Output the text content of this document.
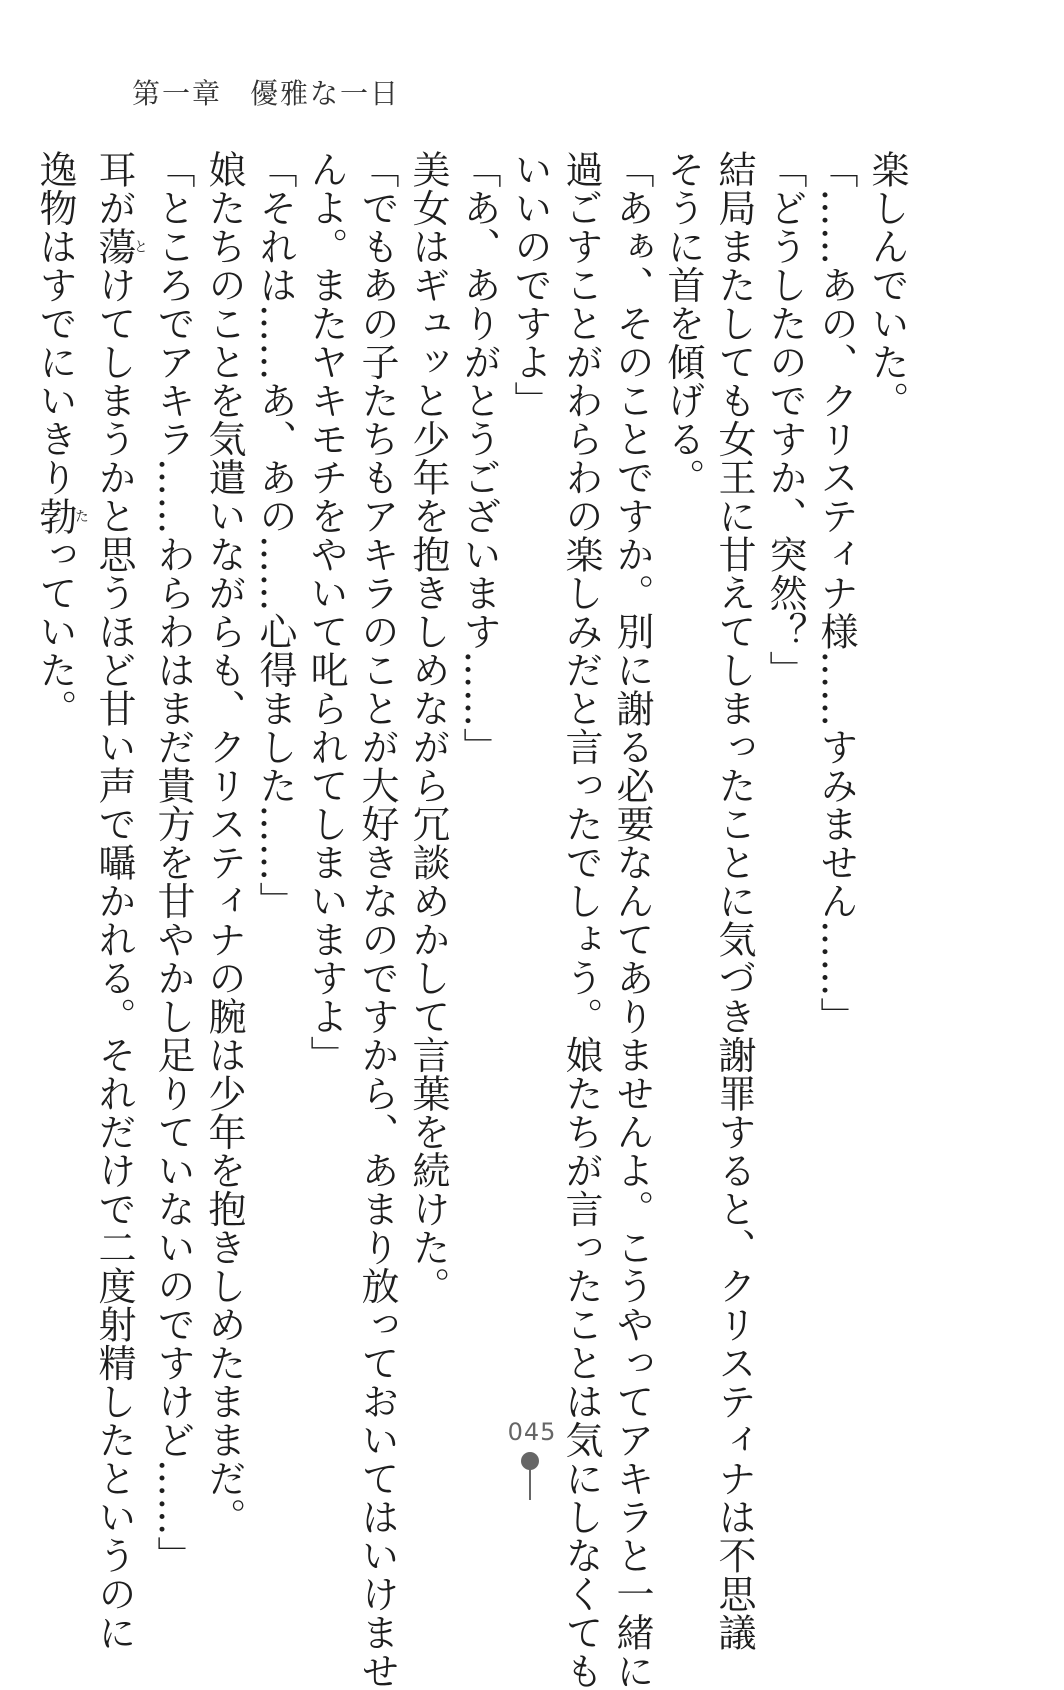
第一章 優雅な一日

楽しんでいた。

「……あの、クリスティナ様……すみません……」

「どうしたのですか、突然？」

結局またしても女王に甘えてしまったことに気づき謝罪すると、クリスティナは不思議

そうに首を傾げる。

「あぁ、そのことですか。別に謝る必要なんてありませんよ。こうやってアキラと一緒に

過ごすことがわらわの楽しみだと言ったでしょう。娘たちが言ったことは気にしなくても

いいのですよ」

「あ、ありがとうございます……」

美女はギュッと少年を抱きしめながら冗談めかして言葉を続けた。

「でもあの子たちもアキラのことが大好きなのですから、あまり放っておいてはいけませ

んよ。またヤキモチをやいて叱られてしまいますよ」

「それは……あ、あの……心得ました……」

娘たちのことを気遣いながらも、クリスティナの腕は少年を抱きしめたままだ。

「ところでアキラ……わらわはまだ貴方を甘やかし足りていないのですけど……」

耳が蕩とけてしまうかと思うほど甘い声で囁かれる。それだけで二度射精したというのに

逸物はすでにいきり勃たっていた。

045
